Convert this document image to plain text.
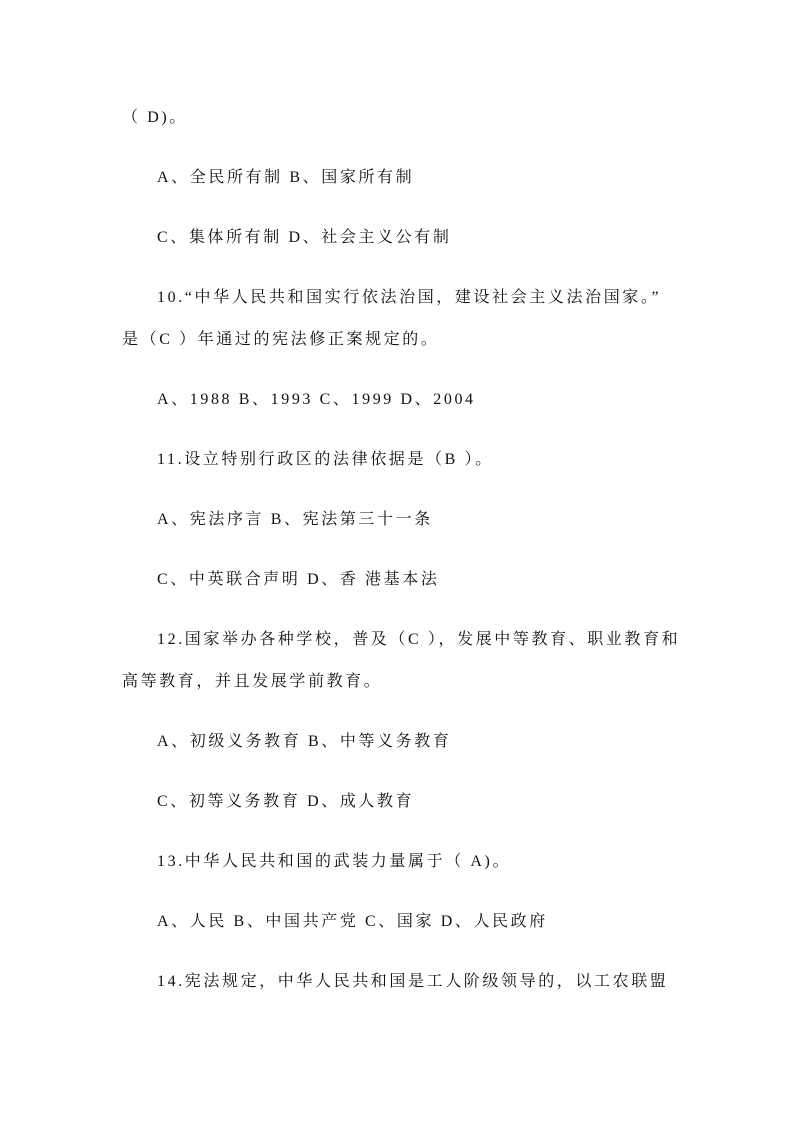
（ D)。
A、全民所有制 B、国家所有制
C、集体所有制 D、社会主义公有制
10.“中华人民共和国实行依法治国，建设社会主义法治国家。”
是（C ）年通过的宪法修正案规定的。
A、1988 B、1993 C、1999 D、2004
11.设立特别行政区的法律依据是（B ）。
A、宪法序言 B、宪法第三十一条
C、中英联合声明 D、香 港基本法
12.国家举办各种学校，普及（C ），发展中等教育、职业教育和
高等教育，并且发展学前教育。
A、初级义务教育 B、中等义务教育
C、初等义务教育 D、成人教育
13.中华人民共和国的武装力量属于（ A)。
A、人民 B、中国共产党 C、国家 D、人民政府
14.宪法规定，中华人民共和国是工人阶级领导的，以工农联盟
